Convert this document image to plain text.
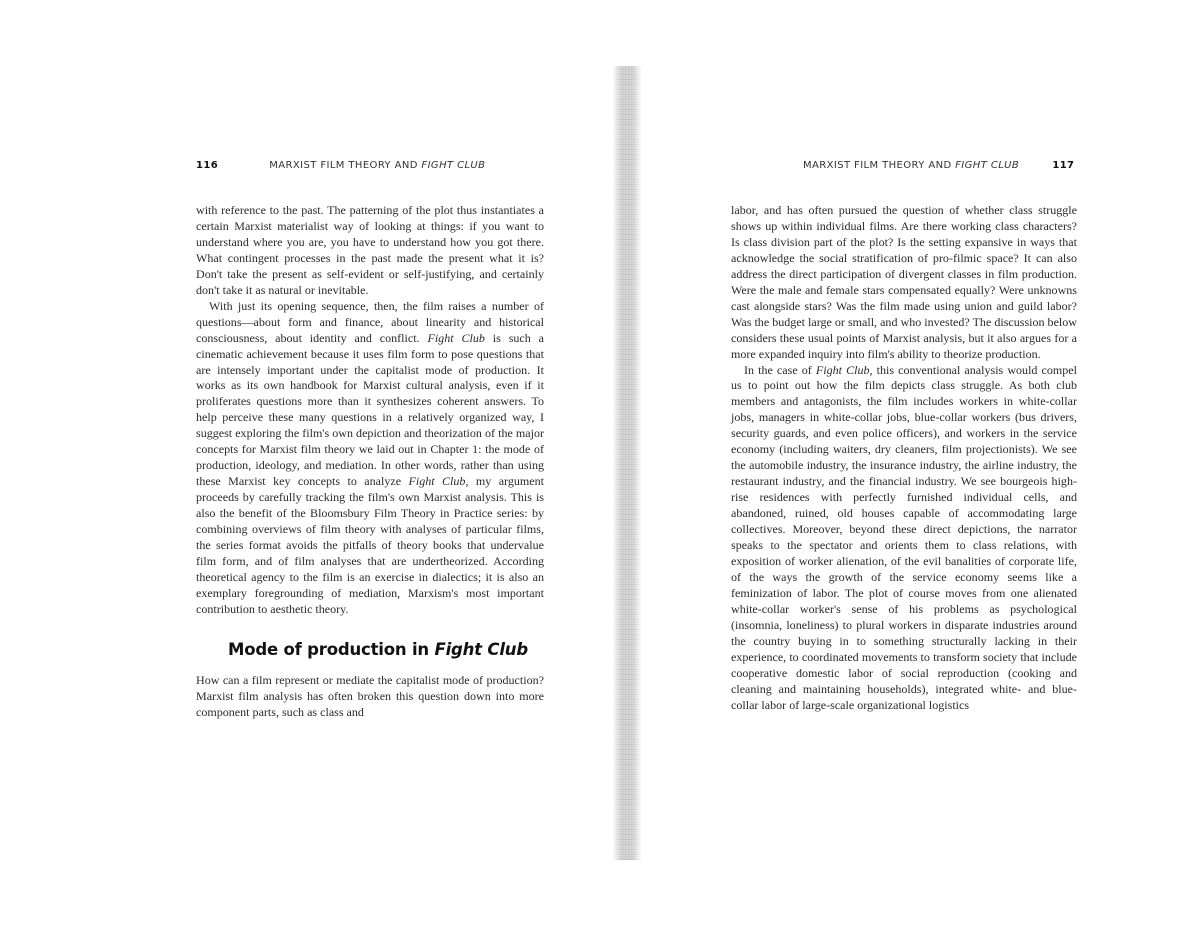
116	MARXIST FILM THEORY AND FIGHT CLUB	MARXIST FILM THEORY AND FIGHT CLUB	117

with reference to the past. The patterning of the plot thus instantiates a certain Marxist materialist way of looking at things: if you want to understand where you are, you have to understand how you got there. What contingent processes in the past made the present what it is? Don't take the present as self-evident or self-justifying, and certainly don't take it as natural or inevitable.

With just its opening sequence, then, the film raises a number of questions—about form and finance, about linearity and historical consciousness, about identity and conflict. Fight Club is such a cinematic achievement because it uses film form to pose questions that are intensely important under the capitalist mode of production. It works as its own handbook for Marxist cultural analysis, even if it proliferates questions more than it synthesizes coherent answers. To help perceive these many questions in a relatively organized way, I suggest exploring the film's own depiction and theorization of the major concepts for Marxist film theory we laid out in Chapter 1: the mode of production, ideology, and mediation. In other words, rather than using these Marxist key concepts to analyze Fight Club, my argument proceeds by carefully tracking the film's own Marxist analysis. This is also the benefit of the Bloomsbury Film Theory in Practice series: by combining overviews of film theory with analyses of particular films, the series format avoids the pitfalls of theory books that undervalue film form, and of film analyses that are undertheorized. According theoretical agency to the film is an exercise in dialectics; it is also an exemplary foregrounding of mediation, Marxism's most important contribution to aesthetic theory.

Mode of production in Fight Club

How can a film represent or mediate the capitalist mode of production? Marxist film analysis has often broken this question down into more component parts, such as class and

labor, and has often pursued the question of whether class struggle shows up within individual films. Are there working class characters? Is class division part of the plot? Is the setting expansive in ways that acknowledge the social stratification of pro-filmic space? It can also address the direct participation of divergent classes in film production. Were the male and female stars compensated equally? Were unknowns cast alongside stars? Was the film made using union and guild labor? Was the budget large or small, and who invested? The discussion below considers these usual points of Marxist analysis, but it also argues for a more expanded inquiry into film's ability to theorize production.

In the case of Fight Club, this conventional analysis would compel us to point out how the film depicts class struggle. As both club members and antagonists, the film includes workers in white-collar jobs, managers in white-collar jobs, blue-collar workers (bus drivers, security guards, and even police officers), and workers in the service economy (including waiters, dry cleaners, film projectionists). We see the automobile industry, the insurance industry, the airline industry, the restaurant industry, and the financial industry. We see bourgeois high-rise residences with perfectly furnished individual cells, and abandoned, ruined, old houses capable of accommodating large collectives. Moreover, beyond these direct depictions, the narrator speaks to the spectator and orients them to class relations, with exposition of worker alienation, of the evil banalities of corporate life, of the ways the growth of the service economy seems like a feminization of labor. The plot of course moves from one alienated white-collar worker's sense of his problems as psychological (insomnia, loneliness) to plural workers in disparate industries around the country buying in to something structurally lacking in their experience, to coordinated movements to transform society that include cooperative domestic labor of social reproduction (cooking and cleaning and maintaining households), integrated white- and blue-collar labor of large-scale organizational logistics
